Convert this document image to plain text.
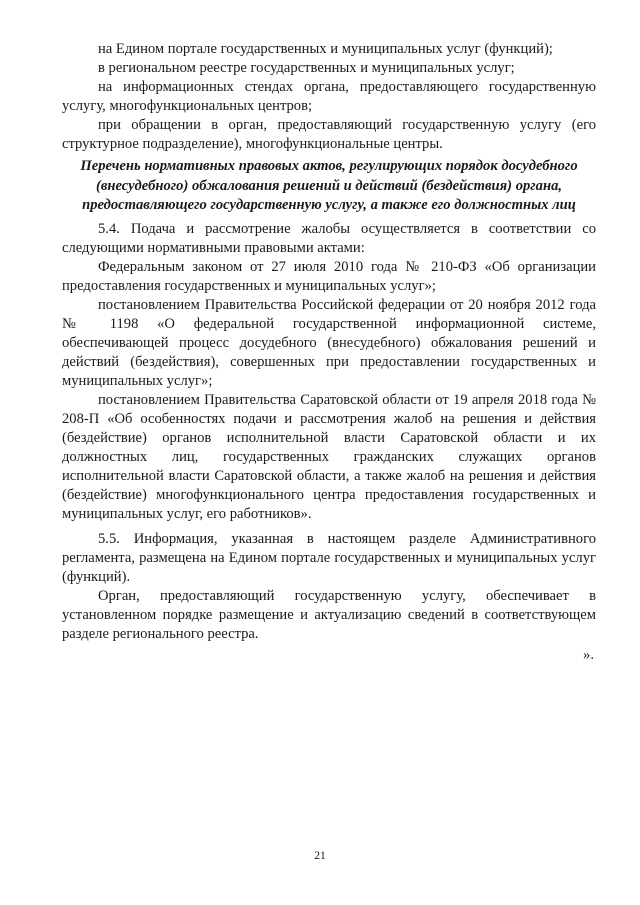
на Едином портале государственных и муниципальных услуг (функций);

в региональном реестре государственных и муниципальных услуг;

на информационных стендах органа, предоставляющего государственную услугу, многофункциональных центров;

при обращении в орган, предоставляющий государственную услугу (его структурное подразделение), многофункциональные центры.

Перечень нормативных правовых актов, регулирующих порядок досудебного (внесудебного) обжалования решений и действий (бездействия) органа, предоставляющего государственную услугу, а также его должностных лиц

5.4. Подача и рассмотрение жалобы осуществляется в соответствии со следующими нормативными правовыми актами:

Федеральным законом от 27 июля 2010 года № 210-ФЗ «Об организации предоставления государственных и муниципальных услуг»;

постановлением Правительства Российской федерации от 20 ноября 2012 года № 1198 «О федеральной государственной информационной системе, обеспечивающей процесс досудебного (внесудебного) обжалования решений и действий (бездействия), совершенных при предоставлении государственных и муниципальных услуг»;

постановлением Правительства Саратовской области от 19 апреля 2018 года № 208-П «Об особенностях подачи и рассмотрения жалоб на решения и действия (бездействие) органов исполнительной власти Саратовской области и их должностных лиц, государственных гражданских служащих органов исполнительной власти Саратовской области, а также жалоб на решения и действия (бездействие) многофункционального центра предоставления государственных и муниципальных услуг, его работников».

5.5. Информация, указанная в настоящем разделе Административного регламента, размещена на Едином портале государственных и муниципальных услуг (функций).

Орган, предоставляющий государственную услугу, обеспечивает в установленном порядке размещение и актуализацию сведений в соответствующем разделе регионального реестра.

».

21
